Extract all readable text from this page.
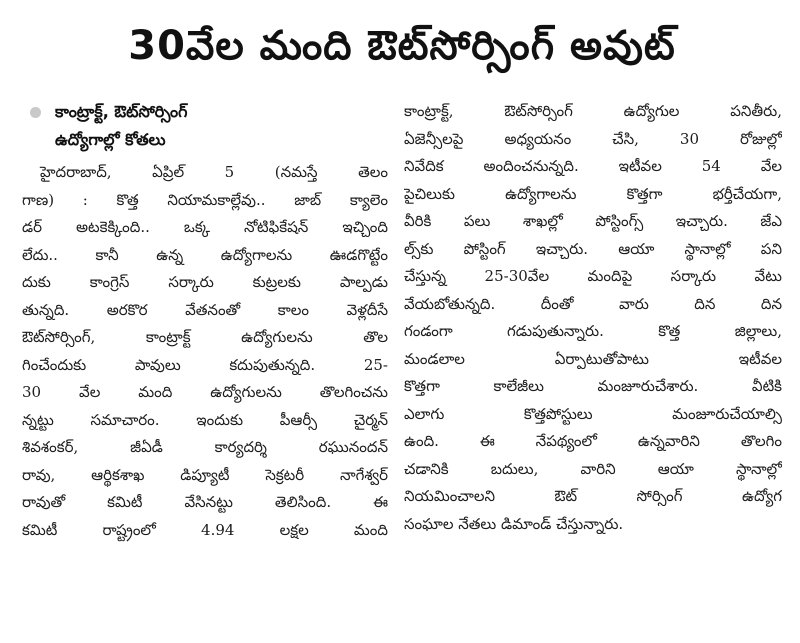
30వేల మంది ఔట్‌సోర్సింగ్ అవుట్
కాంట్రాక్ట్, ఔట్‌సోర్సింగ్
ఉద్యోగాల్లో కోతలు
హైదరాబాద్, ఏప్రిల్ 5 (నమస్తే తెలం
గాణ) : కొత్త నియామకాల్లేవు.. జాబ్ క్యాలెం
డర్ అటకెక్కింది.. ఒక్క నోటిఫికేషన్ ఇచ్చింది
లేదు.. కానీ ఉన్న ఉద్యోగాలను ఊడగొట్టేం
దుకు కాంగ్రెస్ సర్కారు కుట్రలకు పాల్పడు
తున్నది. అరకొర వేతనంతో కాలం వెళ్లదీసే
ఔట్‌సోర్సింగ్, కాంట్రాక్ట్ ఉద్యోగులను తొల
గించేందుకు పావులు కదుపుతున్నది. 25-
30 వేల మంది ఉద్యోగులను తొలగించను
న్నట్టు సమాచారం. ఇందుకు పీఆర్సీ చైర్మన్
శివశంకర్, జీఏడీ కార్యదర్శి రఘునందన్
రావు, ఆర్థికశాఖ డిప్యూటీ సెక్రటరీ నాగేశ్వర్
రావుతో కమిటీ వేసినట్టు తెలిసింది. ఈ
కమిటీ రాష్ట్రంలో 4.94 లక్షల మంది
కాంట్రాక్ట్, ఔట్‌సోర్సింగ్ ఉద్యోగుల పనితీరు,
ఏజెన్సీలపై అధ్యయనం చేసి, 30 రోజుల్లో
నివేదిక అందించనున్నది. ఇటీవల 54 వేల
పైచిలుకు ఉద్యోగాలను కొత్తగా భర్తీచేయగా,
వీరికి పలు శాఖల్లో పోస్టింగ్స్ ఇచ్చారు. జేఎ
ల్స్‌కు పోస్టింగ్ ఇచ్చారు. ఆయా స్థానాల్లో పని
చేస్తున్న 25-30వేల మందిపై సర్కారు వేటు
వేయబోతున్నది. దీంతో వారు దిన దిన
గండంగా గడుపుతున్నారు. కొత్త జిల్లాలు,
మండలాల ఏర్పాటుతోపాటు ఇటీవల
కొత్తగా కాలేజీలు మంజూరుచేశారు. వీటికి
ఎలాగు కొత్తపోస్టులు మంజూరుచేయాల్సి
ఉంది. ఈ నేపథ్యంలో ఉన్నవారిని తొలగిం
చడానికి బదులు, వారిని ఆయా స్థానాల్లో
నియమించాలని ఔట్ సోర్సింగ్ ఉద్యోగ
సంఘాల నేతలు డిమాండ్ చేస్తున్నారు.
